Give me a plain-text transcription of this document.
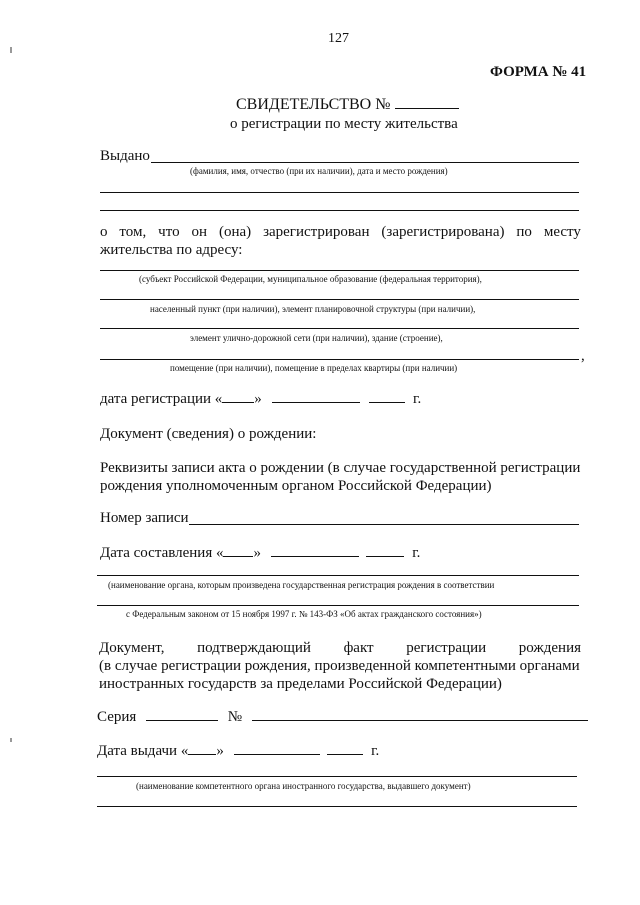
127
ФОРМА № 41
СВИДЕТЕЛЬСТВО №
о регистрации по месту жительства
Выдано
(фамилия, имя, отчество (при их наличии), дата и место рождения)
о том, что он (она) зарегистрирован (зарегистрирована) по месту
жительства по адресу:
(субъект Российской Федерации, муниципальное образование (федеральная территория),
населенный пункт (при наличии), элемент планировочной структуры (при наличии),
элемент улично-дорожной сети (при наличии), здание (строение),
,
помещение (при наличии), помещение в пределах квартиры (при наличии)
дата регистрации « »	г.
Документ (сведения) о рождении:
Реквизиты записи акта о рождении (в случае государственной регистрации
рождения уполномоченным органом Российской Федерации)
Номер записи
Дата составления « »	г.
(наименование органа, которым произведена государственная регистрация рождения в соответствии
с Федеральным законом от 15 ноября 1997 г. № 143-ФЗ «Об актах гражданского состояния»)
Документ, подтверждающий факт регистрации рождения
(в случае регистрации рождения, произведенной компетентными органами
иностранных государств за пределами Российской Федерации)
Серия	№
Дата выдачи « »	г.
(наименование компетентного органа иностранного государства, выдавшего документ)
